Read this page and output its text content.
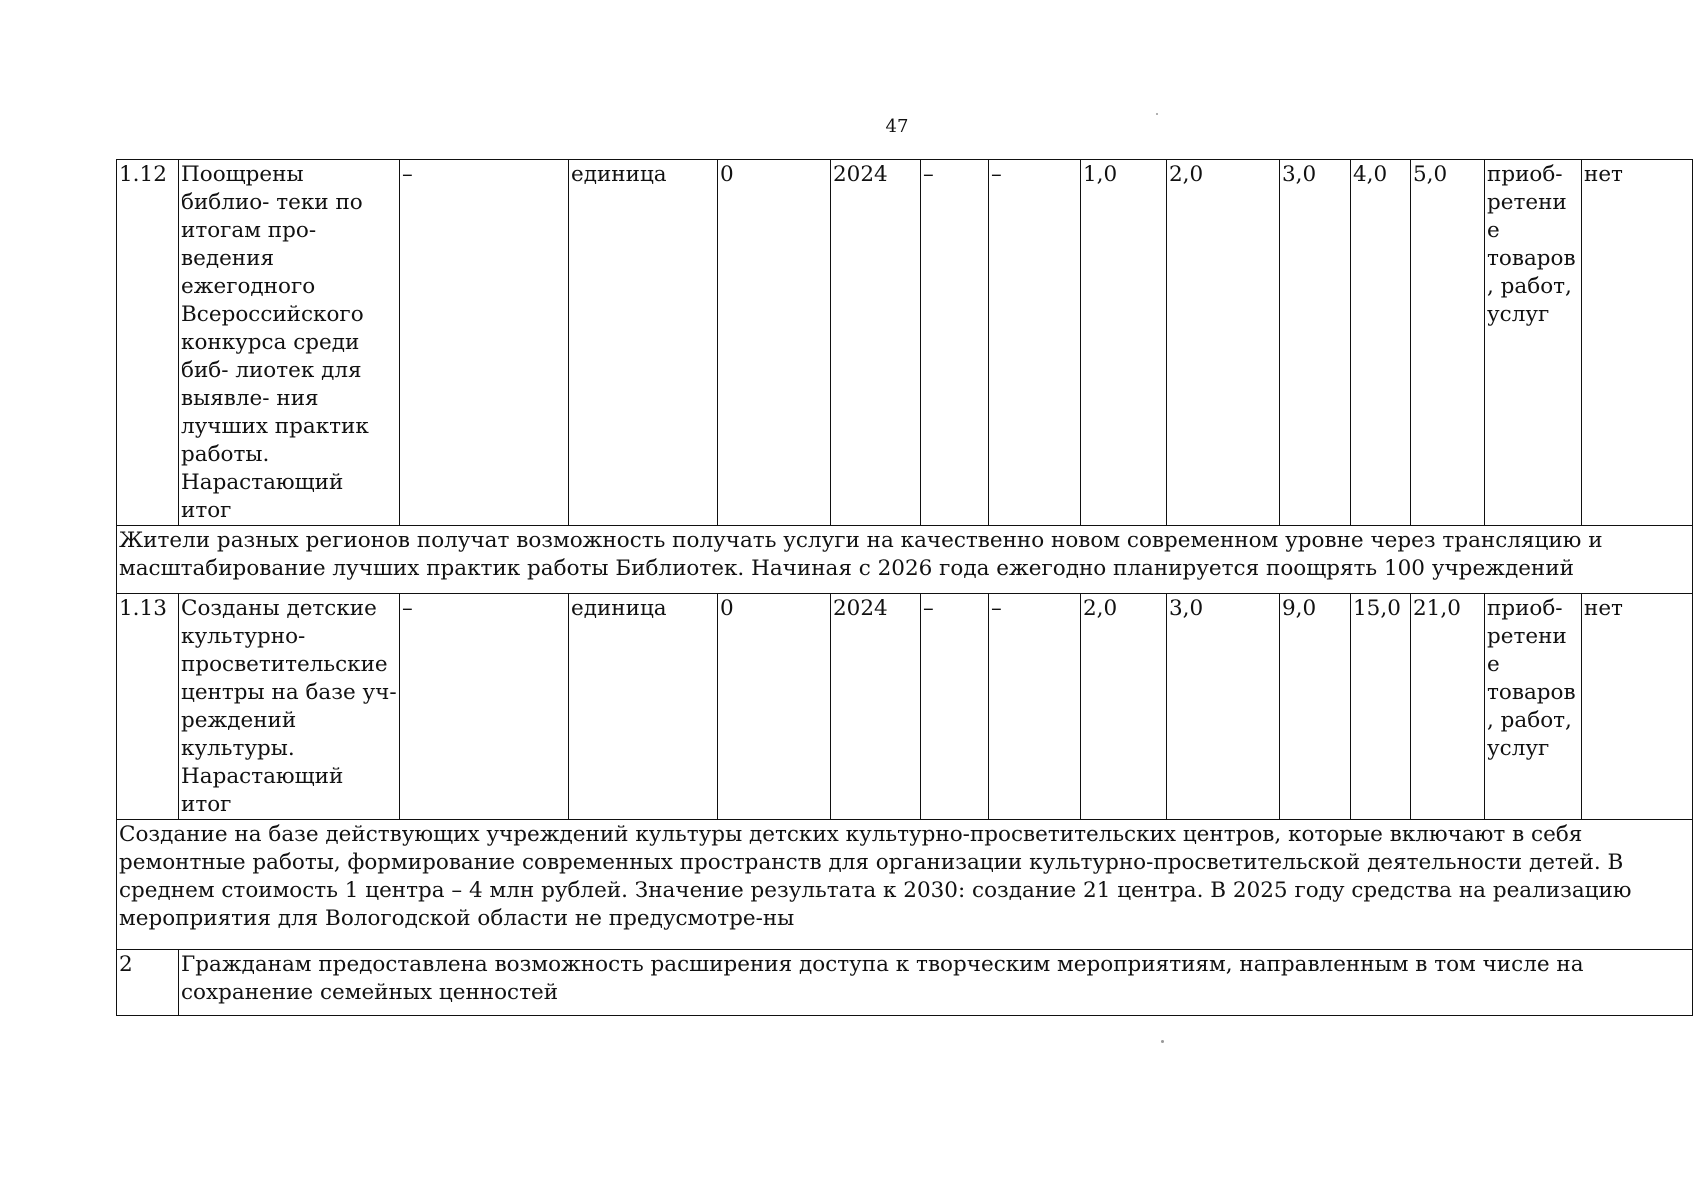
47
1.12	Поощрены библио- теки по итогам про- ведения ежегодного Всероссийского конкурса среди биб- лиотек для выявле- ния лучших практик работы. Нарастающий итог	–	единица	0	2024	–	–	1,0	2,0	3,0	4,0	5,0	приоб- ретение товаров, работ, услуг	нет
Жители разных регионов получат возможность получать услуги на качественно новом современном уровне через трансляцию и масштабирование лучших практик работы Библиотек. Начиная с 2026 года ежегодно планируется поощрять 100 учреждений														
1.13	Созданы детские культурно- просветительские центры на базе уч- реждений культуры. Нарастающий итог	–	единица	0	2024	–	–	2,0	3,0	9,0	15,0	21,0	приоб- ретение товаров, работ, услуг	нет
Создание на базе действующих учреждений культуры детских культурно-просветительских центров, которые включают в себя ремонтные работы, формирование современных пространств для организации культурно-просветительской деятельности детей. В среднем стоимость 1 центра – 4 млн рублей. Значение результата к 2030: создание 21 центра. В 2025 году средства на реализацию мероприятия для Вологодской области не предусмотре-ны														
2	Гражданам предоставлена возможность расширения доступа к творческим мероприятиям, направленным в том числе на сохранение семейных ценностей													
